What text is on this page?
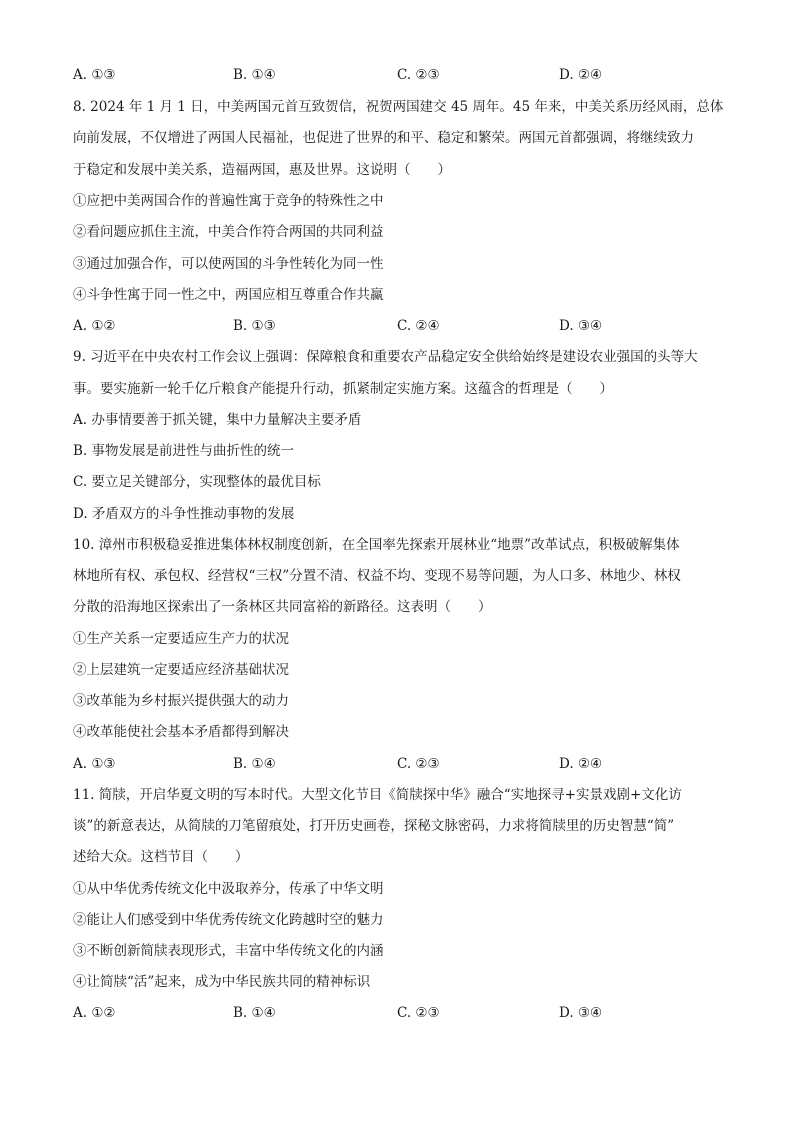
A. ①③	B. ①④	C. ②③	D. ②④
8. 2024 年 1 月 1 日，中美两国元首互致贺信，祝贺两国建交 45 周年。45 年来，中美关系历经风雨，总体
向前发展，不仅增进了两国人民福祉，也促进了世界的和平、稳定和繁荣。两国元首都强调，将继续致力
于稳定和发展中美关系，造福两国，惠及世界。这说明（　　）
①应把中美两国合作的普遍性寓于竞争的特殊性之中
②看问题应抓住主流，中美合作符合两国的共同利益
③通过加强合作，可以使两国的斗争性转化为同一性
④斗争性寓于同一性之中，两国应相互尊重合作共赢
A. ①②	B. ①③	C. ②④	D. ③④
9. 习近平在中央农村工作会议上强调：保障粮食和重要农产品稳定安全供给始终是建设农业强国的头等大
事。要实施新一轮千亿斤粮食产能提升行动，抓紧制定实施方案。这蕴含的哲理是（　　）
A. 办事情要善于抓关键，集中力量解决主要矛盾
B. 事物发展是前进性与曲折性的统一
C. 要立足关键部分，实现整体的最优目标
D. 矛盾双方的斗争性推动事物的发展
10. 漳州市积极稳妥推进集体林权制度创新，在全国率先探索开展林业“地票”改革试点，积极破解集体
林地所有权、承包权、经营权“三权”分置不清、权益不均、变现不易等问题，为人口多、林地少、林权
分散的沿海地区探索出了一条林区共同富裕的新路径。这表明（　　）
①生产关系一定要适应生产力的状况
②上层建筑一定要适应经济基础状况
③改革能为乡村振兴提供强大的动力
④改革能使社会基本矛盾都得到解决
A. ①③	B. ①④	C. ②③	D. ②④
11. 简牍，开启华夏文明的写本时代。大型文化节目《简牍探中华》融合“实地探寻+实景戏剧+文化访
谈”的新意表达，从简牍的刀笔留痕处，打开历史画卷，探秘文脉密码，力求将简牍里的历史智慧“简”
述给大众。这档节目（　　）
①从中华优秀传统文化中汲取养分，传承了中华文明
②能让人们感受到中华优秀传统文化跨越时空的魅力
③不断创新简牍表现形式，丰富中华传统文化的内涵
④让简牍“活”起来，成为中华民族共同的精神标识
A. ①②	B. ①④	C. ②③	D. ③④
